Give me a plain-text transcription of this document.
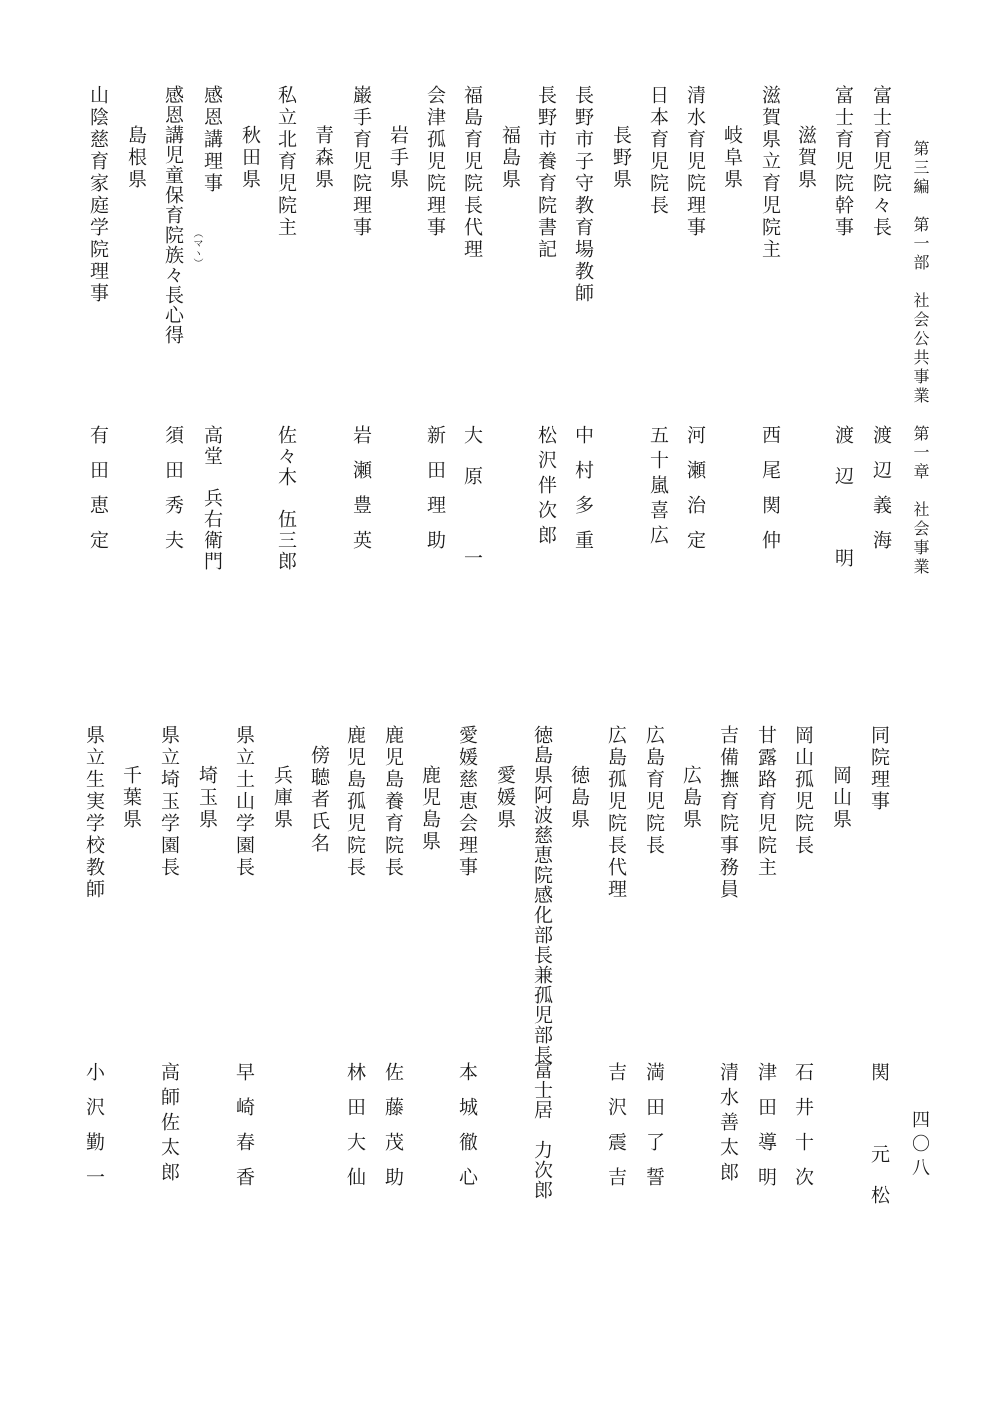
第三編　第一部　社会公共事業　第一章　社会事業
四〇八
富士育児院々長
渡辺義海
富士育児院幹事
渡辺　明
滋賀県
滋賀県立育児院主
西尾関仲
岐阜県
清水育児院理事
河瀬治定
日本育児院長
五十嵐喜広
長野県
長野市子守教育場教師
中村多重
長野市養育院書記
松沢伴次郎
福島県
福島育児院長代理
大原　一
会津孤児院理事
新田理助
岩手県
巌手育児院理事
岩瀬豊英
青森県
私立北育児院主
佐々木　伍三郎
秋田県
感恩講理事
高堂　兵右衛門
感恩講児童保育院族々長心得 （マヽ）
須田秀夫
島根県
山陰慈育家庭学院理事
有田恵定
同院理事
関　元松
岡山県
岡山孤児院長
石井十次
甘露路育児院主
津田導明
吉備撫育院事務員
清水善太郎
広島県
広島育児院長
満田了誓
広島孤児院長代理
吉沢震吉
徳島県
徳島県阿波慈恵院感化部長兼孤児部長
富士居　力次郎
愛媛県
愛媛慈恵会理事
本城徹心
鹿児島県
鹿児島養育院長
佐藤茂助
鹿児島孤児院長
林田大仙
傍聴者氏名
兵庫県
県立土山学園長
早崎春香
埼玉県
県立埼玉学園長
高師佐太郎
千葉県
県立生実学校教師
小沢勤一
